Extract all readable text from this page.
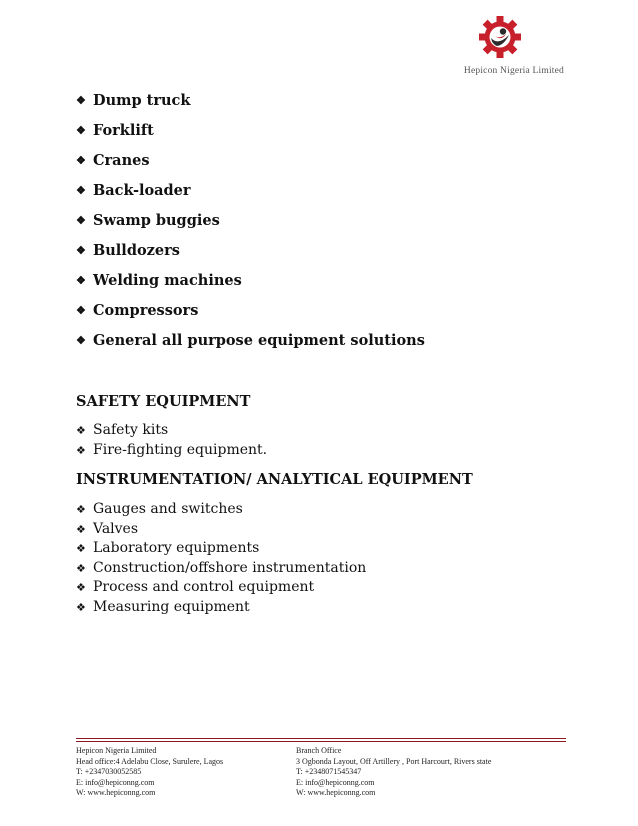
Hepicon Nigeria Limited
❖ Dump truck
❖ Forklift
❖ Cranes
❖ Back-loader
❖ Swamp buggies
❖ Bulldozers
❖ Welding machines
❖ Compressors
❖ General all purpose equipment solutions
SAFETY EQUIPMENT
❖ Safety kits
❖ Fire-fighting equipment.
INSTRUMENTATION/ ANALYTICAL EQUIPMENT
❖ Gauges and switches
❖ Valves
❖ Laboratory equipments
❖ Construction/offshore instrumentation
❖ Process and control equipment
❖ Measuring equipment
Hepicon Nigeria Limited
Head office:4 Adelabu Close, Surulere, Lagos
T: +2347030052585
E: info@hepiconng.com
W: www.hepiconng.com
Branch Office
3 Ogbonda Layout, Off Artillery , Port Harcourt, Rivers state
T: +2348071545347
E: info@hepiconng.com
W: www.hepiconng.com
